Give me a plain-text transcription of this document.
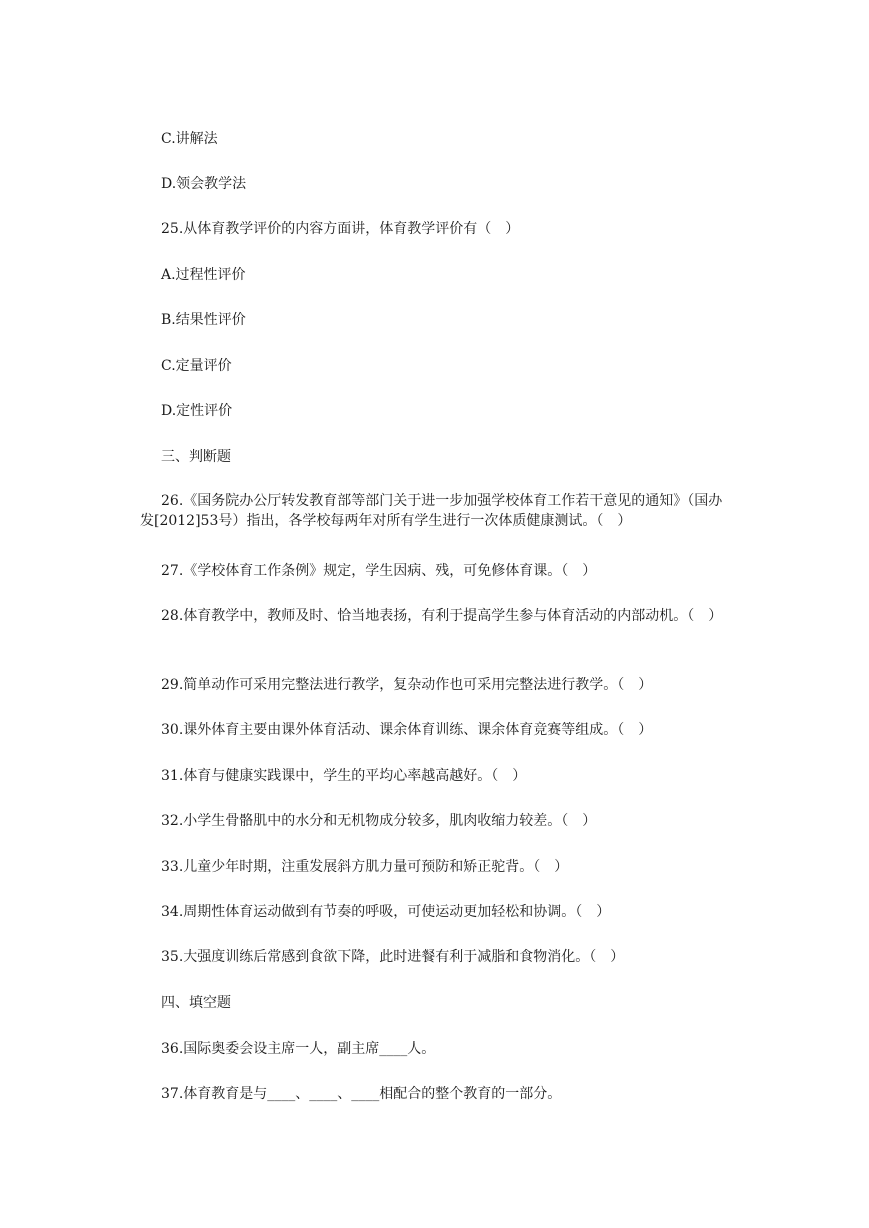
C.讲解法
D.领会教学法
25.从体育教学评价的内容方面讲，体育教学评价有（　）
A.过程性评价
B.结果性评价
C.定量评价
D.定性评价
三、判断题
26.《国务院办公厅转发教育部等部门关于进一步加强学校体育工作若干意见的通知》（国办发[2012]53号）指出，各学校每两年对所有学生进行一次体质健康测试。（　）
27.《学校体育工作条例》规定，学生因病、残，可免修体育课。（　）
28.体育教学中，教师及时、恰当地表扬，有利于提高学生参与体育活动的内部动机。（　）
29.简单动作可采用完整法进行教学，复杂动作也可采用完整法进行教学。（　）
30.课外体育主要由课外体育活动、课余体育训练、课余体育竞赛等组成。（　）
31.体育与健康实践课中，学生的平均心率越高越好。（　）
32.小学生骨骼肌中的水分和无机物成分较多，肌肉收缩力较差。（　）
33.儿童少年时期，注重发展斜方肌力量可预防和矫正驼背。（　）
34.周期性体育运动做到有节奏的呼吸，可使运动更加轻松和协调。（　）
35.大强度训练后常感到食欲下降，此时进餐有利于减脂和食物消化。（　）
四、填空题
36.国际奥委会设主席一人，副主席____人。
37.体育教育是与____、____、____相配合的整个教育的一部分。
